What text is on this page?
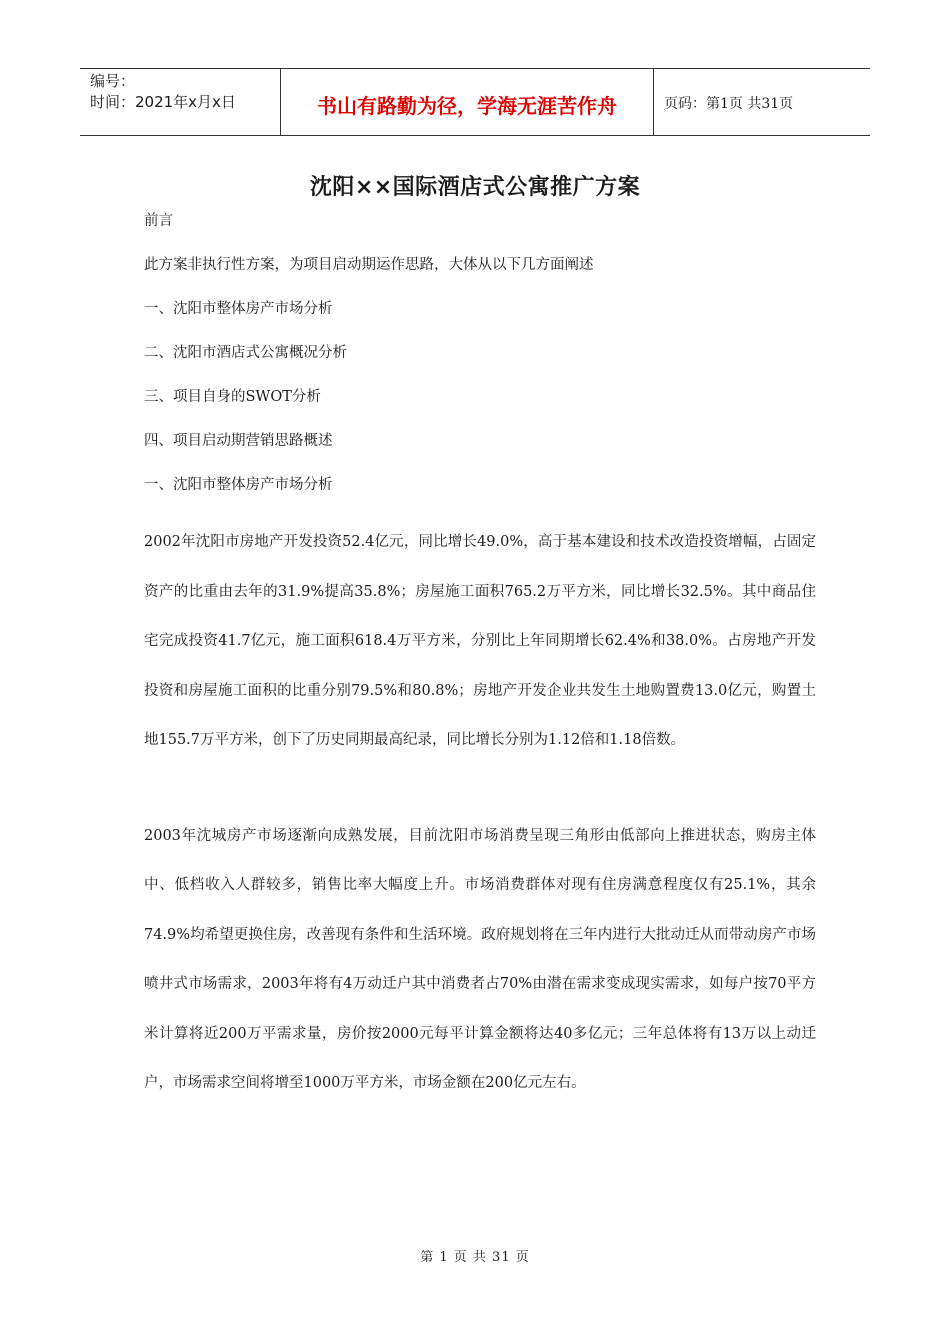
编号：
时间：2021年x月x日	书山有路勤为径，学海无涯苦作舟	页码：第1页 共31页
沈阳××国际酒店式公寓推广方案
前言
此方案非执行性方案，为项目启动期运作思路，大体从以下几方面阐述
一、沈阳市整体房产市场分析
二、沈阳市酒店式公寓概况分析
三、项目自身的SWOT分析
四、项目启动期营销思路概述
一、沈阳市整体房产市场分析
2002年沈阳市房地产开发投资52.4亿元，同比增长49.0%，高于基本建设和技术改造投资增幅，占固定资产的比重由去年的31.9%提高35.8%；房屋施工面积765.2万平方米，同比增长32.5%。其中商品住宅完成投资41.7亿元，施工面积618.4万平方米，分别比上年同期增长62.4%和38.0%。占房地产开发投资和房屋施工面积的比重分别79.5%和80.8%；房地产开发企业共发生土地购置费13.0亿元，购置土地155.7万平方米，创下了历史同期最高纪录，同比增长分别为1.12倍和1.18倍数。
2003年沈城房产市场逐渐向成熟发展，目前沈阳市场消费呈现三角形由低部向上推进状态，购房主体中、低档收入人群较多，销售比率大幅度上升。市场消费群体对现有住房满意程度仅有25.1%，其余74.9%均希望更换住房，改善现有条件和生活环境。政府规划将在三年内进行大批动迁从而带动房产市场喷井式市场需求，2003年将有4万动迁户其中消费者占70%由潜在需求变成现实需求，如每户按70平方米计算将近200万平需求量，房价按2000元每平计算金额将达40多亿元；三年总体将有13万以上动迁户，市场需求空间将增至1000万平方米，市场金额在200亿元左右。
第 1 页 共 31 页
